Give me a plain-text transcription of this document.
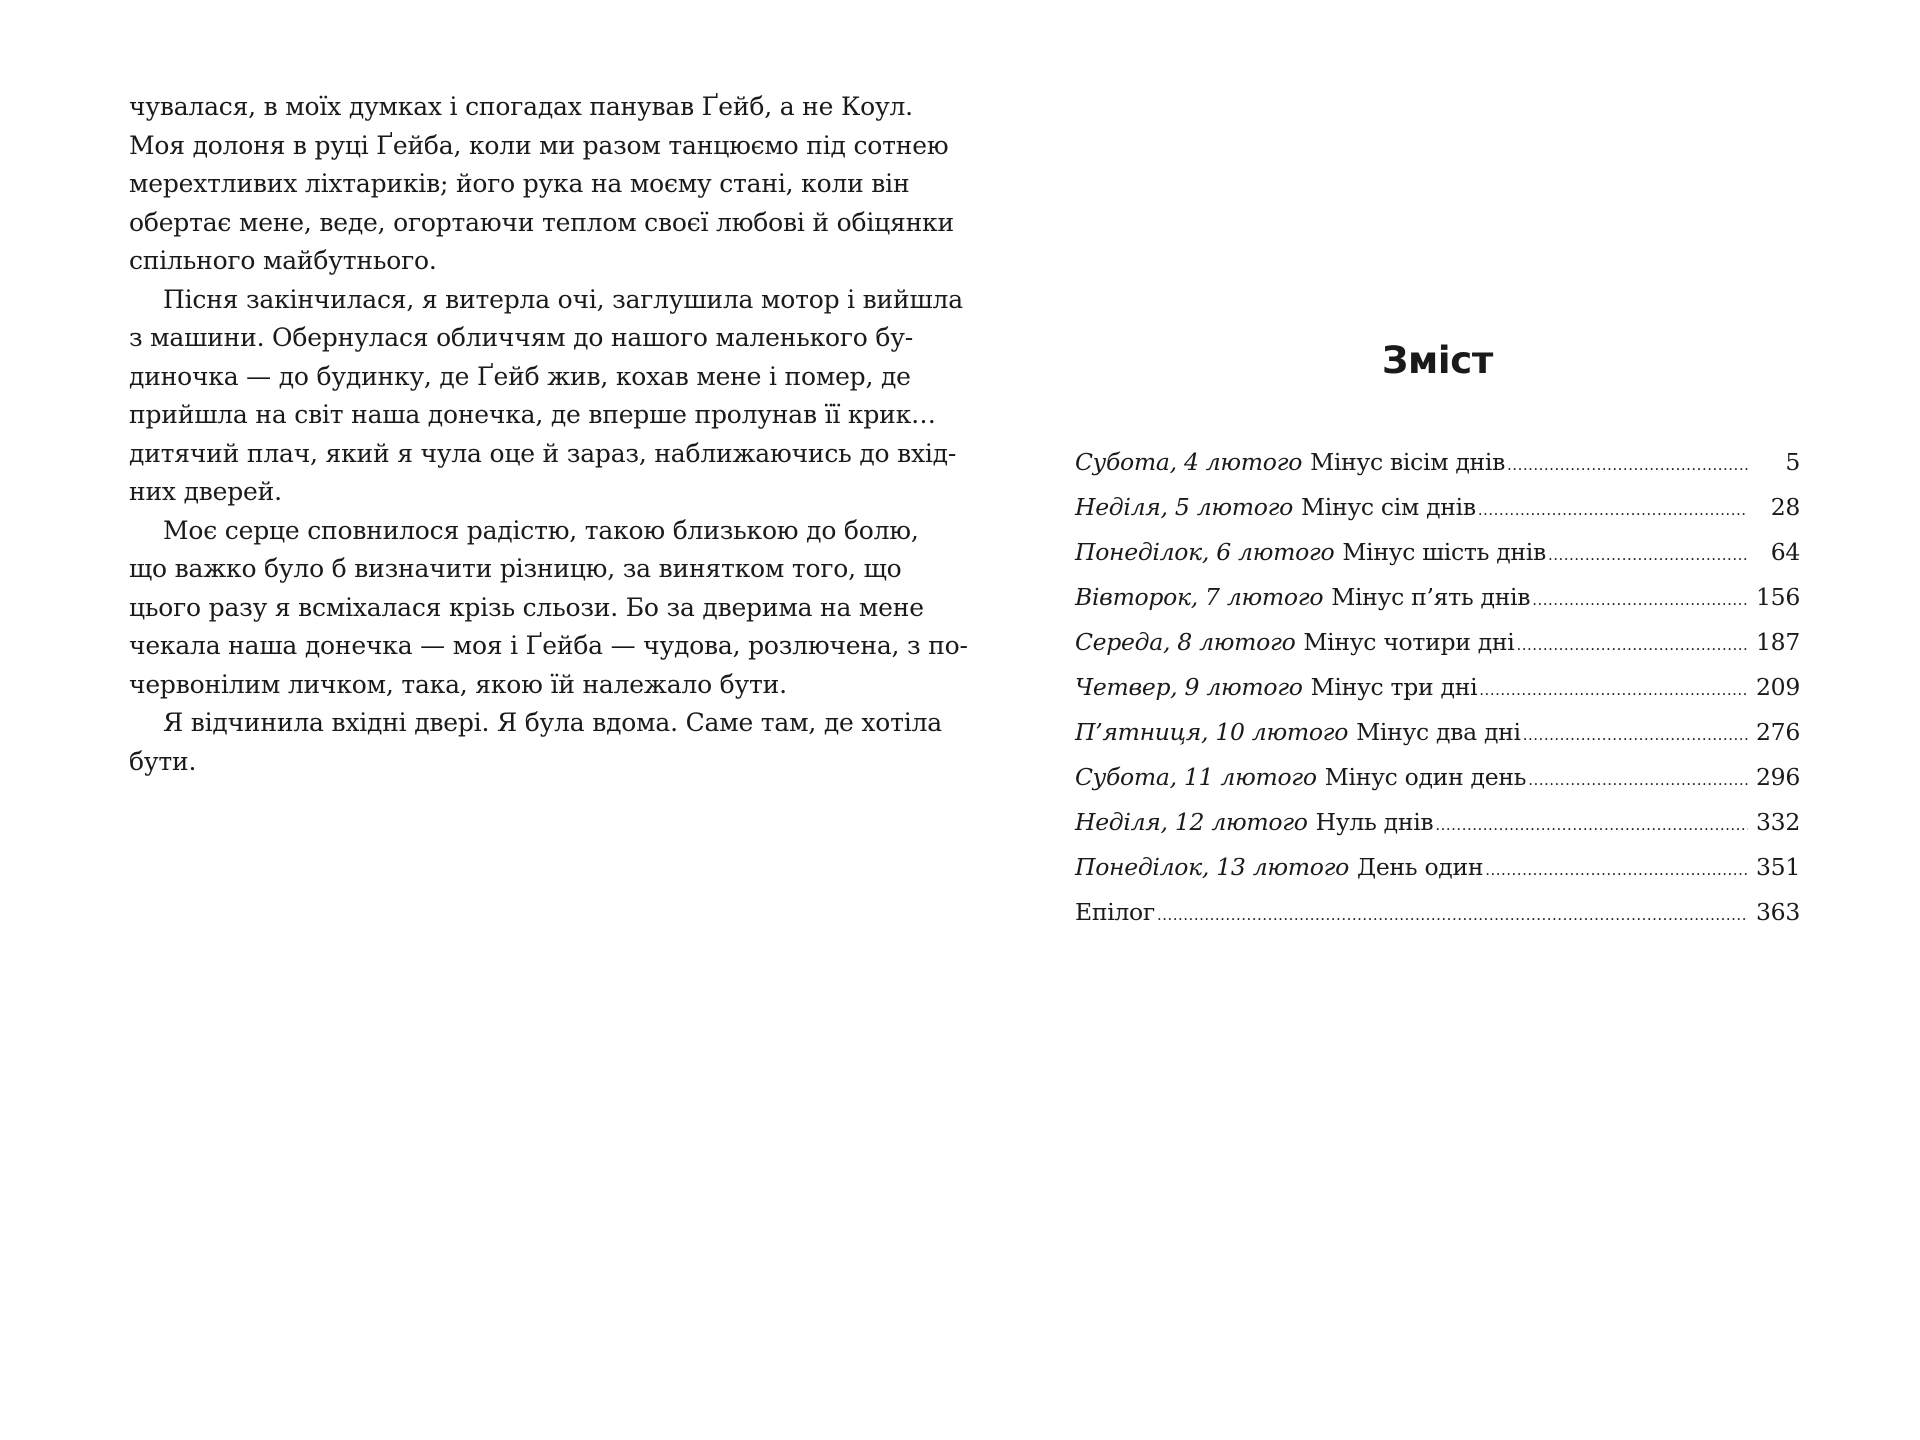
чувалася, в моїх думках і спогадах панував Ґейб, а не Коул.
Моя долоня в руці Ґейба, коли ми разом танцюємо під сотнею
мерехтливих ліхтариків; його рука на моєму стані, коли він
обертає мене, веде, огортаючи теплом своєї любові й обіцянки
спільного майбутнього.

Пісня закінчилася, я витерла очі, заглушила мотор і вийшла
з машини. Обернулася обличчям до нашого маленького бу-
диночка — до будинку, де Ґейб жив, кохав мене і помер, де
прийшла на світ наша донечка, де вперше пролунав її крик…
дитячий плач, який я чула оце й зараз, наближаючись до вхід-
них дверей.

Моє серце сповнилося радістю, такою близькою до болю,
що важко було б визначити різницю, за винятком того, що
цього разу я всміхалася крізь сльози. Бо за дверима на мене
чекала наша донечка — моя і Ґейба — чудова, розлючена, з по-
червонілим личком, така, якою їй належало бути.

Я відчинила вхідні двері. Я була вдома. Саме там, де хотіла
бути.

Зміст
Субота, 4 лютого Мінус вісім днів .....	5
Неділя, 5 лютого Мінус сім днів .....	28
Понеділок, 6 лютого Мінус шість днів .....	64
Вівторок, 7 лютого Мінус п’ять днів .....	156
Середа, 8 лютого Мінус чотири дні .....	187
Четвер, 9 лютого Мінус три дні .....	209
П’ятниця, 10 лютого Мінус два дні .....	276
Субота, 11 лютого Мінус один день .....	296
Неділя, 12 лютого Нуль днів .....	332
Понеділок, 13 лютого День один .....	351
Епілог .....	363
